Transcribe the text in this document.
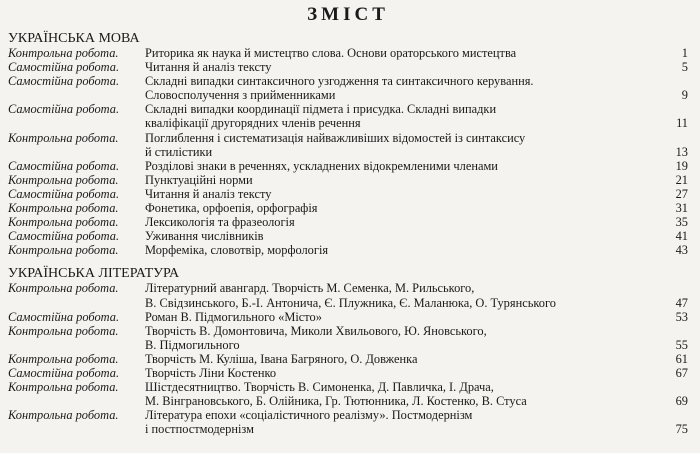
ЗМІСТ
УКРАЇНСЬКА МОВА
Контрольна робота.	Риторика як наука й мистецтво слова. Основи ораторського мистецтва	1
Самостійна робота.	Читання й аналіз тексту	5
Самостійна робота.	Складні випадки синтаксичного узгодження та синтаксичного керування.
Словосполучення з прийменниками	9
Самостійна робота.	Складні випадки координації підмета і присудка. Складні випадки
кваліфікації другорядних членів речення	11
Контрольна робота.	Поглиблення і систематизація найважливіших відомостей із синтаксису
й стилістики	13
Самостійна робота.	Розділові знаки в реченнях, ускладнених відокремленими членами	19
Контрольна робота.	Пунктуаційні норми	21
Самостійна робота.	Читання й аналіз тексту	27
Контрольна робота.	Фонетика, орфоепія, орфографія	31
Контрольна робота.	Лексикологія та фразеологія	35
Самостійна робота.	Уживання числівників	41
Контрольна робота.	Морфеміка, словотвір, морфологія	43
УКРАЇНСЬКА ЛІТЕРАТУРА
Контрольна робота.	Літературний авангард. Творчість М. Семенка, М. Рильського,
В. Свідзинського, Б.-І. Антонича, Є. Плужника, Є. Маланюка, О. Турянського	47
Самостійна робота.	Роман В. Підмогильного «Місто»	53
Контрольна робота.	Творчість В. Домонтовича, Миколи Хвильового, Ю. Яновського,
В. Підмогильного	55
Контрольна робота.	Творчість М. Куліша, Івана Багряного, О. Довженка	61
Самостійна робота.	Творчість Ліни Костенко	67
Контрольна робота.	Шістдесятництво. Творчість В. Симоненка, Д. Павличка, І. Драча,
М. Вінграновського, Б. Олійника, Гр. Тютюнника, Л. Костенко, В. Стуса	69
Контрольна робота.	Література епохи «соціалістичного реалізму». Постмодернізм
і постпостмодернізм	75
